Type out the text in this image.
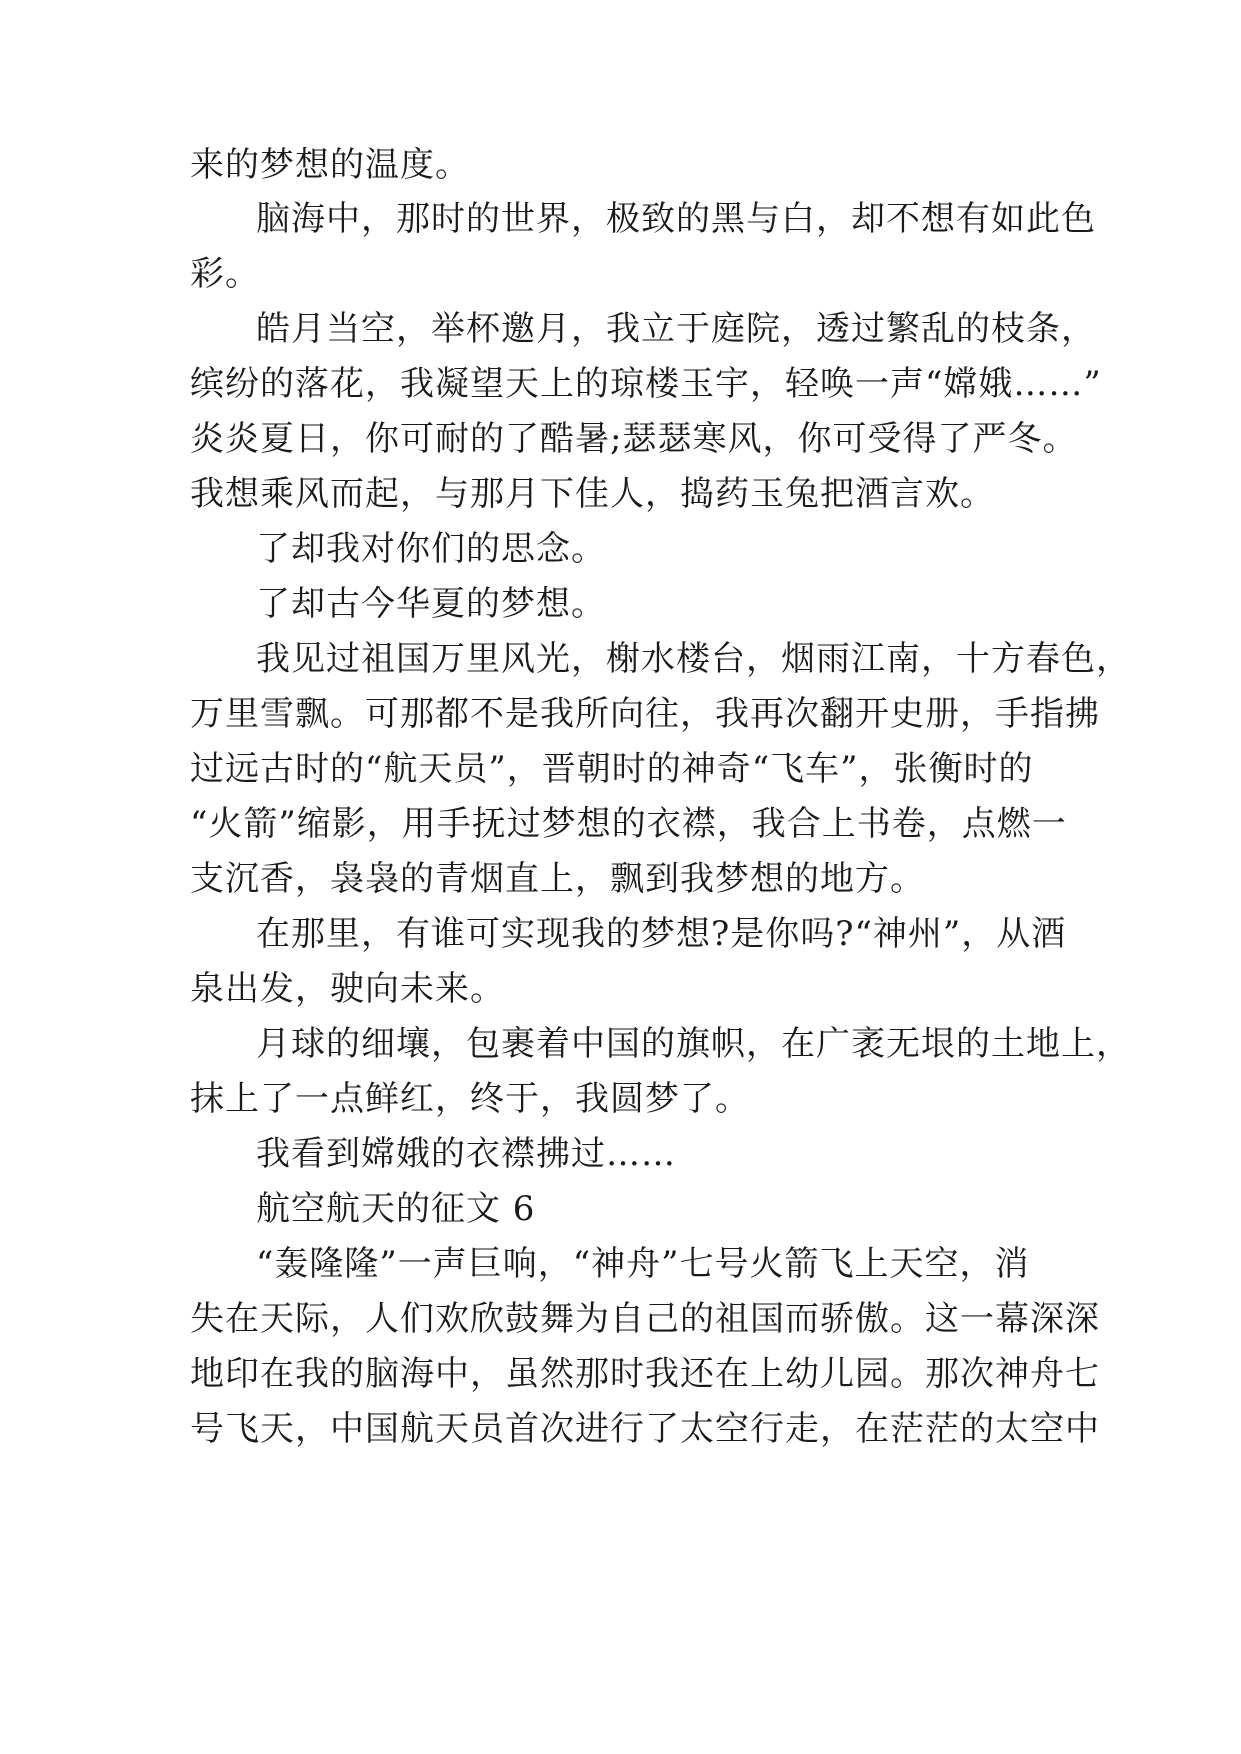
来的梦想的温度。
脑海中，那时的世界，极致的黑与白，却不想有如此色
彩。
皓月当空，举杯邀月，我立于庭院，透过繁乱的枝条，
缤纷的落花，我凝望天上的琼楼玉宇，轻唤一声“嫦娥……”
炎炎夏日，你可耐的了酷暑;瑟瑟寒风，你可受得了严冬。
我想乘风而起，与那月下佳人，捣药玉兔把酒言欢。
了却我对你们的思念。
了却古今华夏的梦想。
我见过祖国万里风光，榭水楼台，烟雨江南，十方春色，
万里雪飘。可那都不是我所向往，我再次翻开史册，手指拂
过远古时的“航天员”，晋朝时的神奇“飞车”，张衡时的
“火箭”缩影，用手抚过梦想的衣襟，我合上书卷，点燃一
支沉香，袅袅的青烟直上，飘到我梦想的地方。
在那里，有谁可实现我的梦想?是你吗?“神州”，从酒
泉出发，驶向未来。
月球的细壤，包裹着中国的旗帜，在广袤无垠的土地上，
抹上了一点鲜红，终于，我圆梦了。
我看到嫦娥的衣襟拂过……
航空航天的征文 6
“轰隆隆”一声巨响，“神舟”七号火箭飞上天空，消
失在天际，人们欢欣鼓舞为自己的祖国而骄傲。这一幕深深
地印在我的脑海中，虽然那时我还在上幼儿园。那次神舟七
号飞天，中国航天员首次进行了太空行走，在茫茫的太空中
